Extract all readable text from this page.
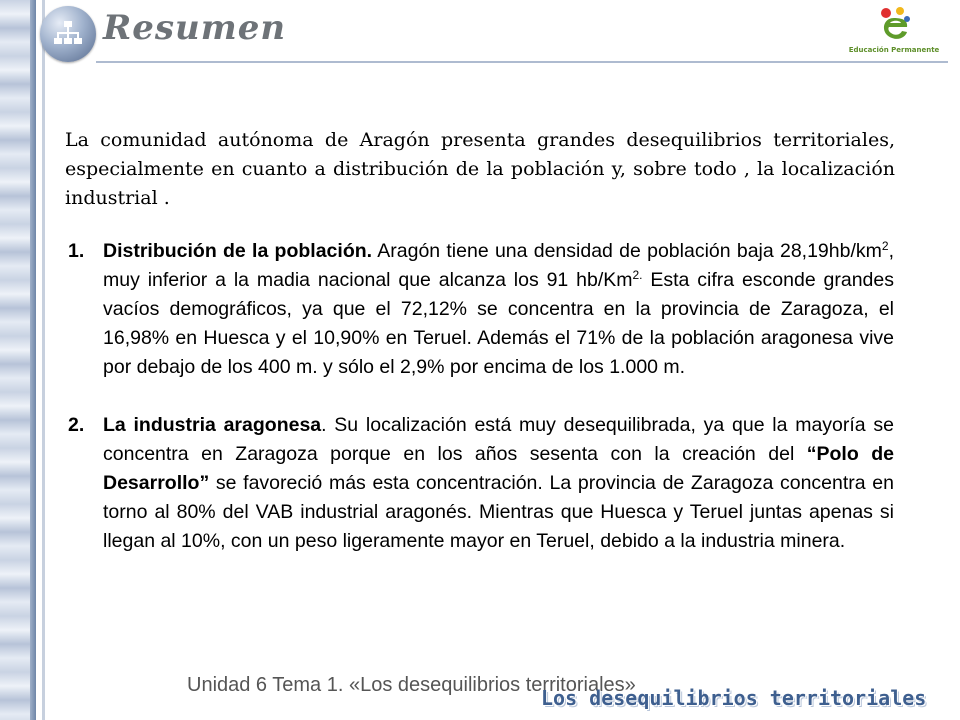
Resumen
Educación Permanente

La comunidad autónoma de Aragón presenta grandes desequilibrios territoriales, especialmente en cuanto a distribución de la población y, sobre todo , la localización industrial .

1. Distribución de la población. Aragón tiene una densidad de población baja $28,19hb/km^2$, muy inferior a la madia nacional que alcanza los 91 $hb/Km^{2.}$ Esta cifra esconde grandes vacíos demográficos, ya que el 72,12% se concentra en la provincia de Zaragoza, el 16,98% en Huesca y el 10,90% en Teruel. Además el 71% de la población aragonesa vive por debajo de los 400 m. y sólo el 2,9% por encima de los 1.000 m.
2. La industria aragonesa. Su localización está muy desequilibrada, ya que la mayoría se concentra en Zaragoza porque en los años sesenta con la creación del “Polo de Desarrollo” se favoreció más esta concentración. La provincia de Zaragoza concentra en torno al 80% del VAB industrial aragonés. Mientras que Huesca y Teruel juntas apenas si llegan al 10%, con un peso ligeramente mayor en Teruel, debido a la industria minera.
Unidad 6 Tema 1. «Los desequilibrios territoriales»
Los desequilibrios territoriales
